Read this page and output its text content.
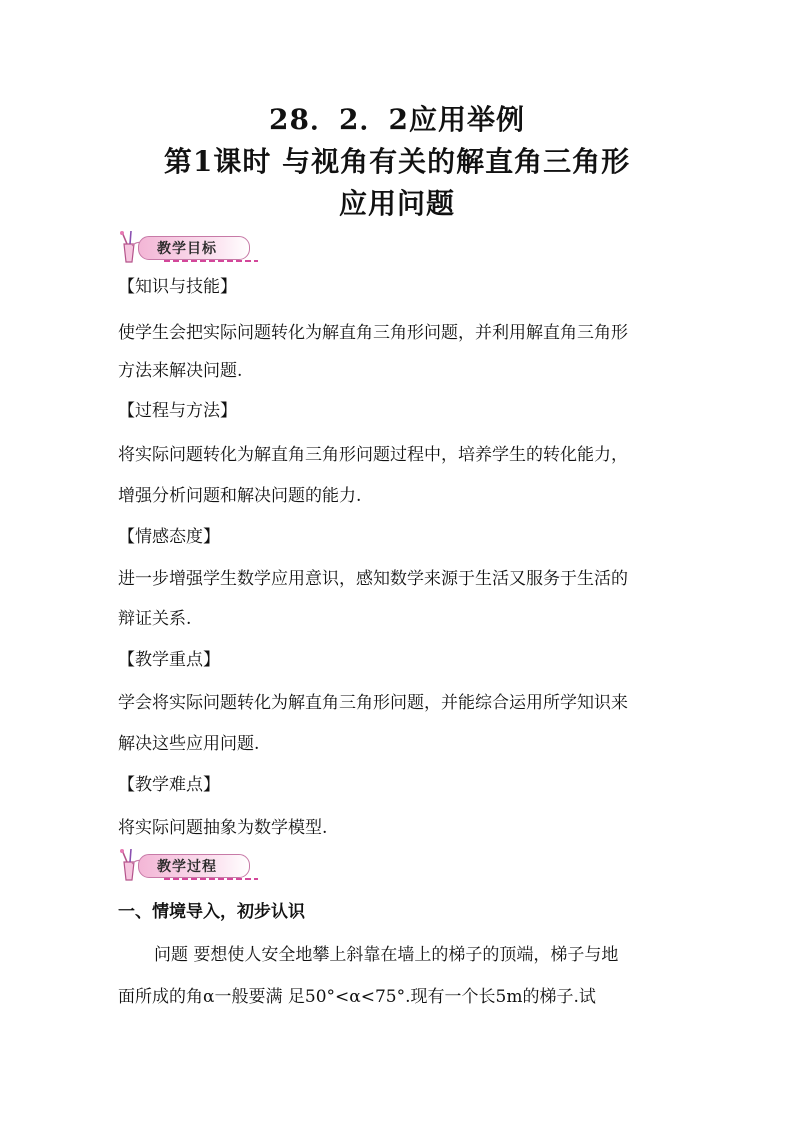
28．2．2应用举例
第1课时 与视角有关的解直角三角形
应用问题
教学目标
【知识与技能】
使学生会把实际问题转化为解直角三角形问题，并利用解直角三角形
方法来解决问题.
【过程与方法】
将实际问题转化为解直角三角形问题过程中，培养学生的转化能力，
增强分析问题和解决问题的能力.
【情感态度】
进一步增强学生数学应用意识，感知数学来源于生活又服务于生活的
辩证关系.
【教学重点】
学会将实际问题转化为解直角三角形问题，并能综合运用所学知识来
解决这些应用问题.
【教学难点】
将实际问题抽象为数学模型.
教学过程
一、情境导入，初步认识
问题 要想使人安全地攀上斜靠在墙上的梯子的顶端，梯子与地
面所成的角α一般要满 足50°<α<75°.现有一个长5m的梯子.试
